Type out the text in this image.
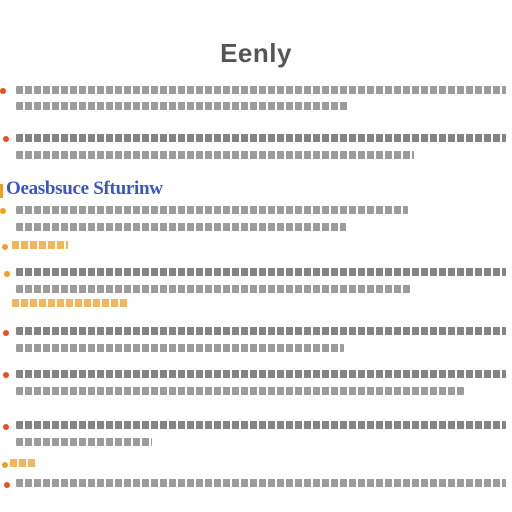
Eenly
Oeasbsuce Sfturinw
